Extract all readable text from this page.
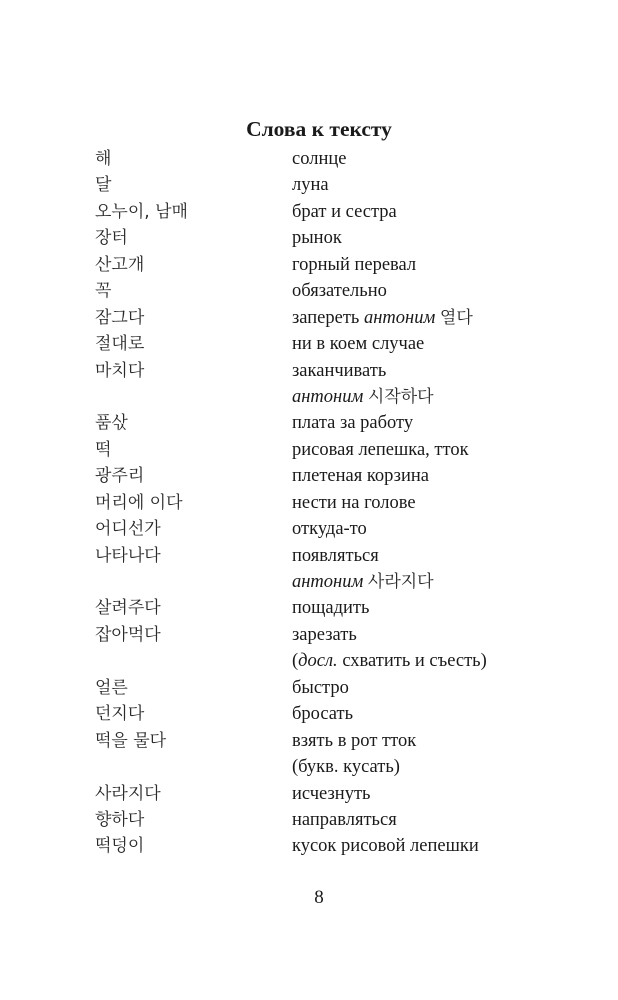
Слова к тексту
해	солнце
달	луна
오누이, 남매	брат и сестра
장터	рынок
산고개	горный перевал
꼭	обязательно
잠그다	запереть антоним 열다
절대로	ни в коем случае
마치다	заканчивать
антоним 시작하다
품삯	плата за работу
떡	рисовая лепешка, тток
광주리	плетеная корзина
머리에 이다	нести на голове
어디선가	откуда-то
나타나다	появляться
антоним 사라지다
살려주다	пощадить
잡아먹다	зарезать
(досл. схватить и съесть)
얼른	быстро
던지다	бросать
떡을 물다	взять в рот тток
(букв. кусать)
사라지다	исчезнуть
향하다	направляться
떡덩이	кусок рисовой лепешки
8
